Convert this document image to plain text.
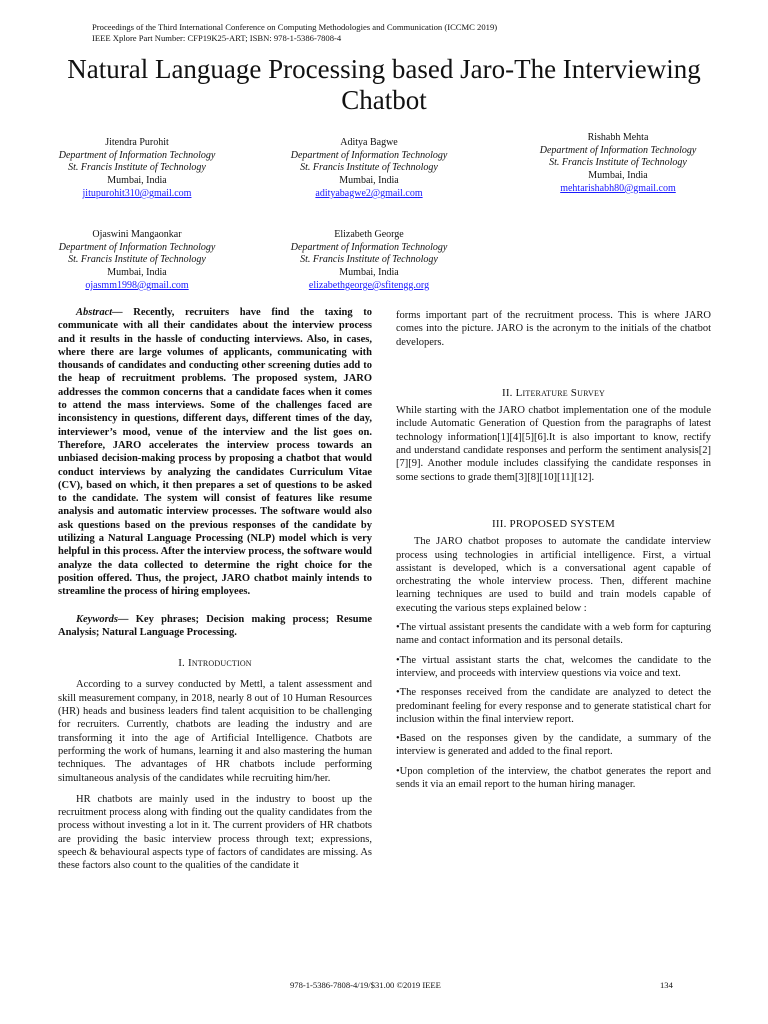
Proceedings of the Third International Conference on Computing Methodologies and Communication (ICCMC 2019)
IEEE Xplore Part Number: CFP19K25-ART; ISBN: 978-1-5386-7808-4
Natural Language Processing based Jaro-The Interviewing Chatbot
Jitendra Purohit
Department of Information Technology
St. Francis Institute of Technology
Mumbai, India
jitupurohit310@gmail.com
Aditya Bagwe
Department of Information Technology
St. Francis Institute of Technology
Mumbai, India
adityabagwe2@gmail.com
Rishabh Mehta
Department of Information Technology
St. Francis Institute of Technology
Mumbai, India
mehtarishabh80@gmail.com
Ojaswini Mangaonkar
Department of Information Technology
St. Francis Institute of Technology
Mumbai, India
ojasmm1998@gmail.com
Elizabeth George
Department of Information Technology
St. Francis Institute of Technology
Mumbai, India
elizabethgeorge@sfitengg.org

Abstract— Recently, recruiters have find the taxing to communicate with all their candidates about the interview process and it results in the hassle of conducting interviews. Also, in cases, where there are large volumes of applicants, communicating with thousands of candidates and conducting other screening duties add to the heap of recruitment problems. The proposed system, JARO addresses the common concerns that a candidate faces when it comes to attend the mass interviews. Some of the challenges faced are inconsistency in questions, different days, different times of the day, interviewer’s mood, venue of the interview and the list goes on. Therefore, JARO accelerates the interview process towards an unbiased decision-making process by proposing a chatbot that would conduct interviews by analyzing the candidates Curriculum Vitae (CV), based on which, it then prepares a set of questions to be asked to the candidate. The system will consist of features like resume analysis and automatic interview processes. The software would also ask questions based on the previous responses of the candidate by utilizing a Natural Language Processing (NLP) model which is very helpful in this process. After the interview process, the software would analyze the data collected to determine the right choice for the position offered. Thus, the project, JARO chatbot mainly intends to streamline the process of hiring employees.

Keywords— Key phrases; Decision making process; Resume Analysis; Natural Language Processing.

I. Introduction

According to a survey conducted by Mettl, a talent assessment and skill measurement company, in 2018, nearly 8 out of 10 Human Resources (HR) heads and business leaders find talent acquisition to be challenging for recruiters. Currently, chatbots are leading the industry and are transforming it into the age of Artificial Intelligence. Chatbots are performing the work of humans, learning it and also mastering the human techniques. The advantages of HR chatbots include performing simultaneous analysis of the candidates while recruiting him/her.

HR chatbots are mainly used in the industry to boost up the recruitment process along with finding out the quality candidates from the process without investing a lot in it. The current providers of HR chatbots are providing the basic interview process through text; expressions, speech & behavioural aspects type of factors of candidates are missing. As these factors also count to the qualities of the candidate it

forms important part of the recruitment process. This is where JARO comes into the picture. JARO is the acronym to the initials of the chatbot developers.

II. Literature Survey

While starting with the JARO chatbot implementation one of the module include Automatic Generation of Question from the paragraphs of latest technology information[1][4][5][6].It is also important to know, rectify and understand candidate responses and perform the sentiment analysis[2][7][9]. Another module includes classifying the candidate responses in some sections to grade them[3][8][10][11][12].

III. PROPOSED SYSTEM

The JARO chatbot proposes to automate the candidate interview process using technologies in artificial intelligence. First, a virtual assistant is developed, which is a conversational agent capable of orchestrating the whole interview process. Then, different machine learning techniques are used to build and train models capable of executing the various steps explained below :

•The virtual assistant presents the candidate with a web form for capturing name and contact information and its personal details.

•The virtual assistant starts the chat, welcomes the candidate to the interview, and proceeds with interview questions via voice and text.

•The responses received from the candidate are analyzed to detect the predominant feeling for every response and to generate statistical chart for inclusion within the final interview report.

•Based on the responses given by the candidate, a summary of the interview is generated and added to the final report.

•Upon completion of the interview, the chatbot generates the report and sends it via an email report to the human hiring manager.

978-1-5386-7808-4/19/$31.00 ©2019 IEEE	134
